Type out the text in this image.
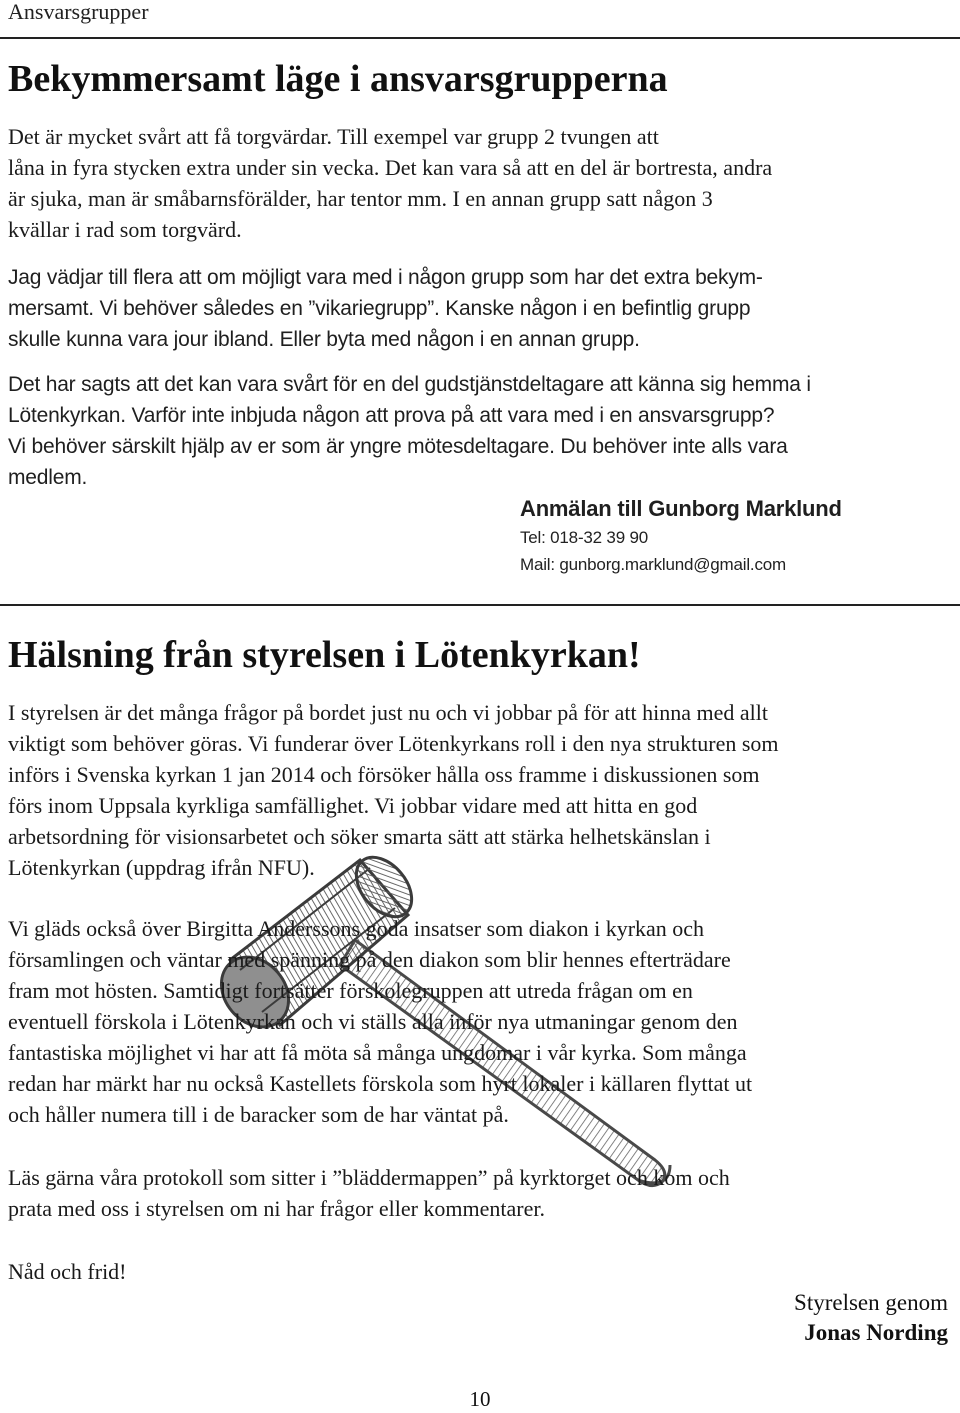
Ansvarsgrupper
Bekymmersamt läge i ansvarsgrupperna

Det är mycket svårt att få torgvärdar. Till exempel var grupp 2 tvungen att

låna in fyra stycken extra under sin vecka. Det kan vara så att en del är bortresta, andra

är sjuka, man är småbarnsförälder, har tentor mm. I en annan grupp satt någon 3

kvällar i rad som torgvärd.

Jag vädjar till flera att om möjligt vara med i någon grupp som har det extra bekym-

mersamt. Vi behöver således en ”vikariegrupp”. Kanske någon i en befintlig grupp

skulle kunna vara jour ibland. Eller byta med någon i en annan grupp.

Det har sagts att det kan vara svårt för en del gudstjänstdeltagare att känna sig hemma i

Lötenkyrkan. Varför inte inbjuda någon att prova på att vara med i en ansvarsgrupp?

Vi behöver särskilt hjälp av er som är yngre mötesdeltagare. Du behöver inte alls vara

medlem.

Anmälan till Gunborg Marklund
Tel: 018-32 39 90
Mail: gunborg.marklund@gmail.com
Hälsning från styrelsen i Lötenkyrkan!

I styrelsen är det många frågor på bordet just nu och vi jobbar på för att hinna med allt

viktigt som behöver göras. Vi funderar över Lötenkyrkans roll i den nya strukturen som

införs i Svenska kyrkan 1 jan 2014 och försöker hålla oss framme i diskussionen som

förs inom Uppsala kyrkliga samfällighet. Vi jobbar vidare med att hitta en god

arbetsordning för visionsarbetet och söker smarta sätt att stärka helhetskänslan i

Lötenkyrkan (uppdrag ifrån NFU).

Vi gläds också över Birgitta Anderssons goda insatser som diakon i kyrkan och

församlingen och väntar med spänning på den diakon som blir hennes efterträdare

fram mot hösten. Samtidigt fortsätter förskolegruppen att utreda frågan om en

eventuell förskola i Lötenkyrkan och vi ställs alla inför nya utmaningar genom den

fantastiska möjlighet vi har att få möta så många ungdomar i vår kyrka. Som många

redan har märkt har nu också Kastellets förskola som hyrt lokaler i källaren flyttat ut

och håller numera till i de baracker som de har väntat på.

Läs gärna våra protokoll som sitter i ”bläddermappen” på kyrktorget och kom och

prata med oss i styrelsen om ni har frågor eller kommentarer.

Nåd och frid!
Styrelsen genom
Jonas Nording
10
